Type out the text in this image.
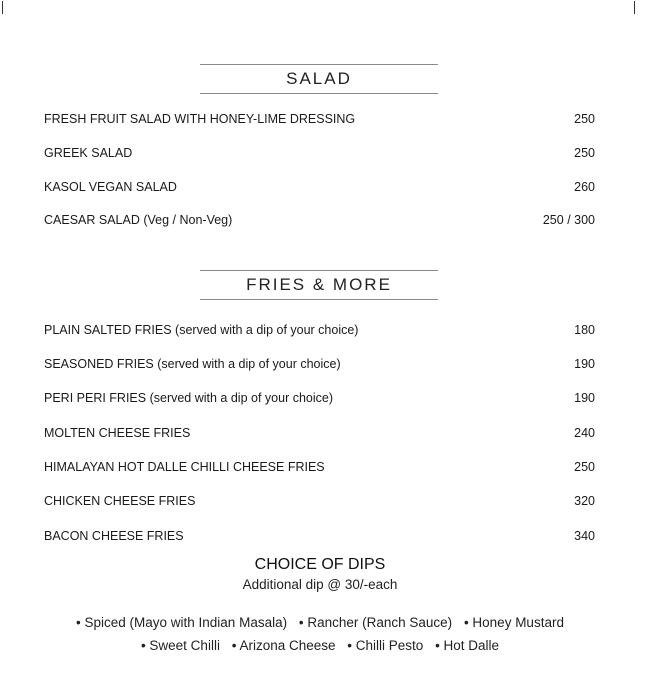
SALAD
FRESH FRUIT SALAD WITH HONEY-LIME DRESSING	250
GREEK SALAD	250
KASOL VEGAN SALAD	260
CAESAR SALAD (Veg / Non-Veg)	250 / 300
FRIES & MORE
PLAIN SALTED FRIES (served with a dip of your choice)	180
SEASONED FRIES (served with a dip of your choice)	190
PERI PERI FRIES (served with a dip of your choice)	190
MOLTEN CHEESE FRIES	240
HIMALAYAN HOT DALLE CHILLI CHEESE FRIES	250
CHICKEN CHEESE FRIES	320
BACON CHEESE FRIES	340
CHOICE OF DIPS
Additional dip @ 30/-each
• Spiced (Mayo with Indian Masala) • Rancher (Ranch Sauce) • Honey Mustard
• Sweet Chilli • Arizona Cheese • Chilli Pesto • Hot Dalle
